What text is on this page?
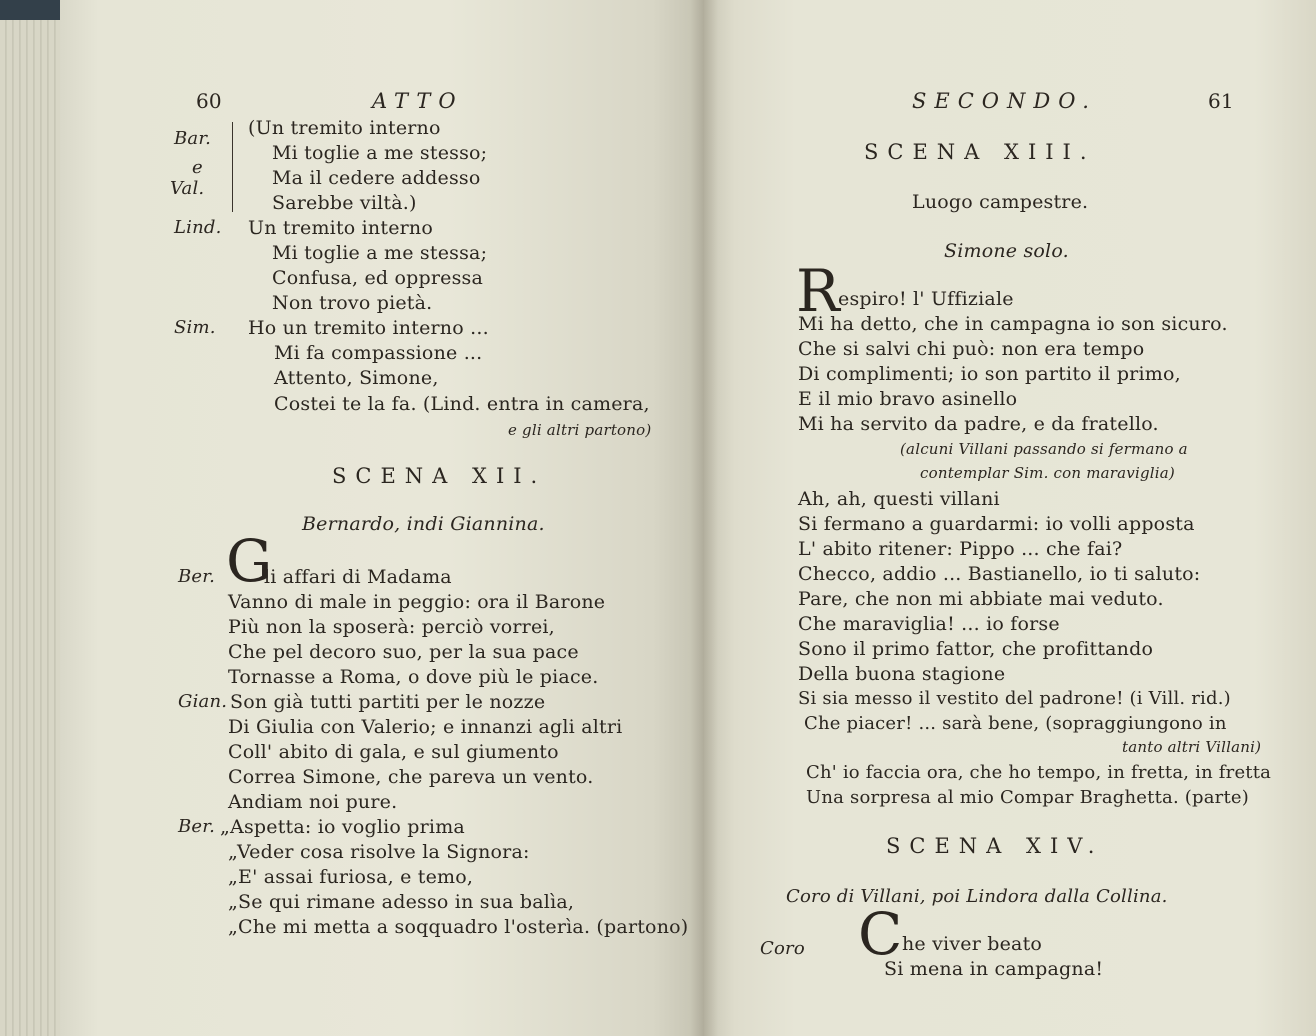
60	ATTO
Bar. (Un tremito interno
e
Mi toglie a me stesso;
Val.	Ma il cedere addesso
Sarebbe viltà.)
Lind. Un tremito interno
Mi toglie a me stessa;
Confusa, ed oppressa
Non trovo pietà.
Sim. Ho un tremito interno ...
Mi fa compassione ...
Attento, Simone,
Costei te la fa. (Lind. entra in camera,
e gli altri partono)
SCENA XII.
Bernardo, indi Giannina.
Ber. G
li affari di Madama
Vanno di male in peggio: ora il Barone
Più non la sposerà: perciò vorrei,
Che pel decoro suo, per la sua pace
Tornasse a Roma, o dove più le piace.
Gian. Son già tutti partiti per le nozze
Di Giulia con Valerio; e innanzi agli altri
Coll' abito di gala, e sul giumento
Correa Simone, che pareva un vento.
Andiam noi pure.
Ber. „Aspetta: io voglio prima
„Veder cosa risolve la Signora:
„E' assai furiosa, e temo,
„Se qui rimane adesso in sua balìa,
„Che mi metta a soqquadro l'osterìa. (partono)
SECONDO.	61
SCENA XIII.
Luogo campestre.
Simone solo.
R
espiro! l' Uffiziale
Mi ha detto, che in campagna io son sicuro.
Che si salvi chi può: non era tempo
Di complimenti; io son partito il primo,
E il mio bravo asinello
Mi ha servito da padre, e da fratello.
(alcuni Villani passando si fermano a
contemplar Sim. con maraviglia)
Ah, ah, questi villani
Si fermano a guardarmi: io volli apposta
L' abito ritener: Pippo ... che fai?
Checco, addio ... Bastianello, io ti saluto:
Pare, che non mi abbiate mai veduto.
Che maraviglia! ... io forse
Sono il primo fattor, che profittando
Della buona stagione
Si sia messo il vestito del padrone! (i Vill. rid.)
Che piacer! ... sarà bene, (sopraggiungono in
tanto altri Villani)
Ch' io faccia ora, che ho tempo, in fretta, in fretta
Una sorpresa al mio Compar Braghetta. (parte)
SCENA XIV.
Coro di Villani, poi Lindora dalla Collina.
Coro C he viver beato
Si mena in campagna!
